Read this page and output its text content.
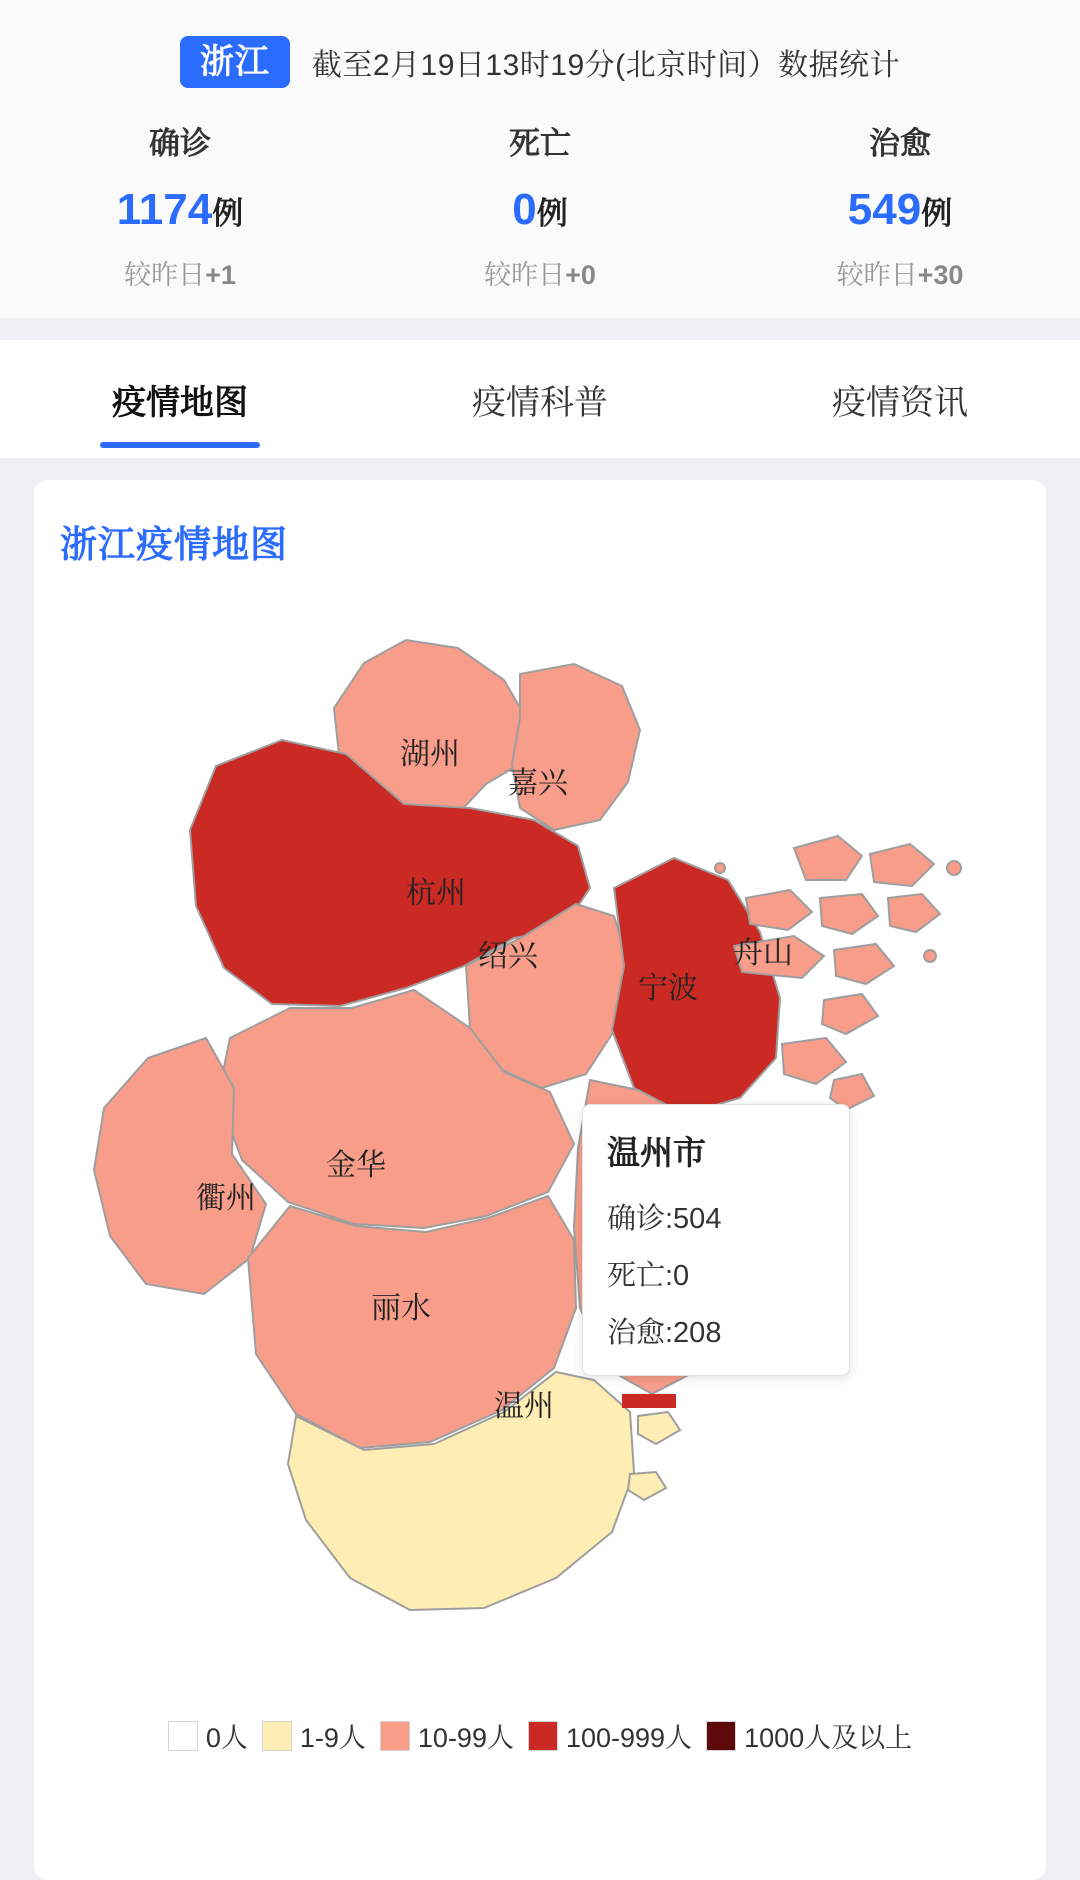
浙江	截至2月19日13时19分(北京时间）数据统计
确诊
1174例
较昨日+1
死亡
0例
较昨日+0
治愈
549例
较昨日+30
疫情地图	疫情科普	疫情资讯
浙江疫情地图
湖州
嘉兴
杭州
绍兴
宁波
舟山
金华
衢州
丽水
温州
温州市
确诊:504
死亡:0
治愈:208
0人 1-9人 10-99人 100-999人 1000人及以上
